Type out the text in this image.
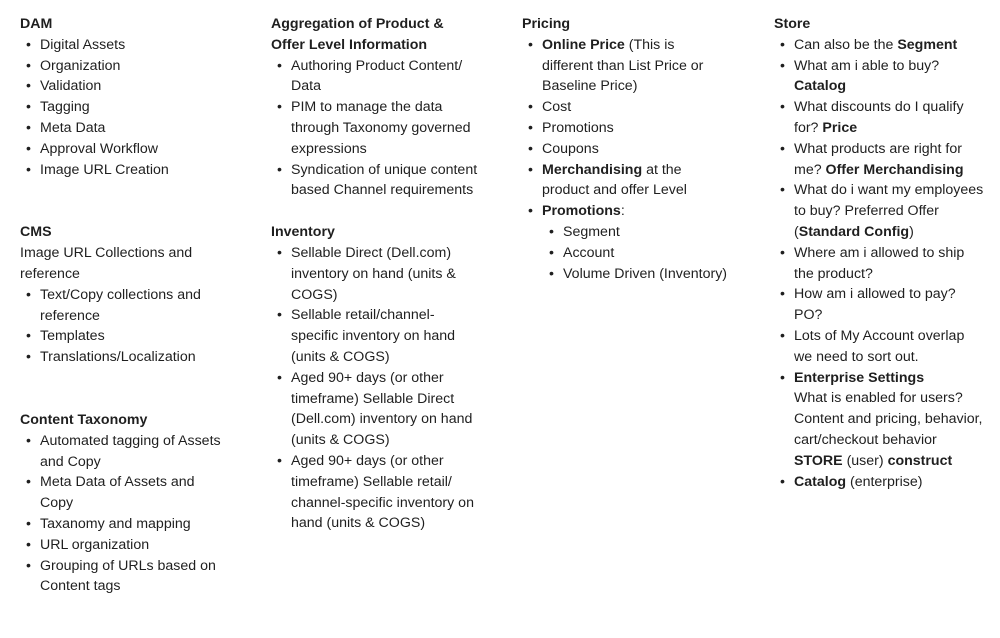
DAM

• Digital Assets
• Organization
• Validation
• Tagging
• Meta Data
• Approval Workflow
• Image URL Creation

CMS

Image URL Collections and reference

• Text/Copy collections and reference
• Templates
• Translations/Localization

Content Taxonomy

• Automated tagging of Assets and Copy
• Meta Data of Assets and Copy
• Taxanomy and mapping
• URL organization
• Grouping of URLs based on Content tags

Aggregation of Product & Offer Level Information

• Authoring Product Content/ Data
• PIM to manage the data through Taxonomy governed expressions
• Syndication of unique content based Channel requirements

Inventory

• Sellable Direct (Dell.com) inventory on hand (units & COGS)
• Sellable retail/channel-specific inventory on hand (units & COGS)
• Aged 90+ days (or other timeframe) Sellable Direct (Dell.com) inventory on hand (units & COGS)
• Aged 90+ days (or other timeframe) Sellable retail/ channel-specific inventory on hand (units & COGS)

Pricing

• Online Price (This is different than List Price or Baseline Price)
• Cost
• Promotions
• Coupons
• Merchandising at the product and offer Level
• Promotions:
• Segment
• Account
• Volume Driven (Inventory)

Store

• Can also be the Segment
• What am i able to buy? Catalog
• What discounts do I qualify for? Price
• What products are right for me? Offer Merchandising
• What do i want my employees to buy? Preferred Offer (Standard Config)
• Where am i allowed to ship the product?
• How am i allowed to pay? PO?
• Lots of My Account overlap we need to sort out.
• Enterprise Settings
What is enabled for users? Content and pricing, behavior, cart/checkout behavior
STORE (user) construct
• Catalog (enterprise)
